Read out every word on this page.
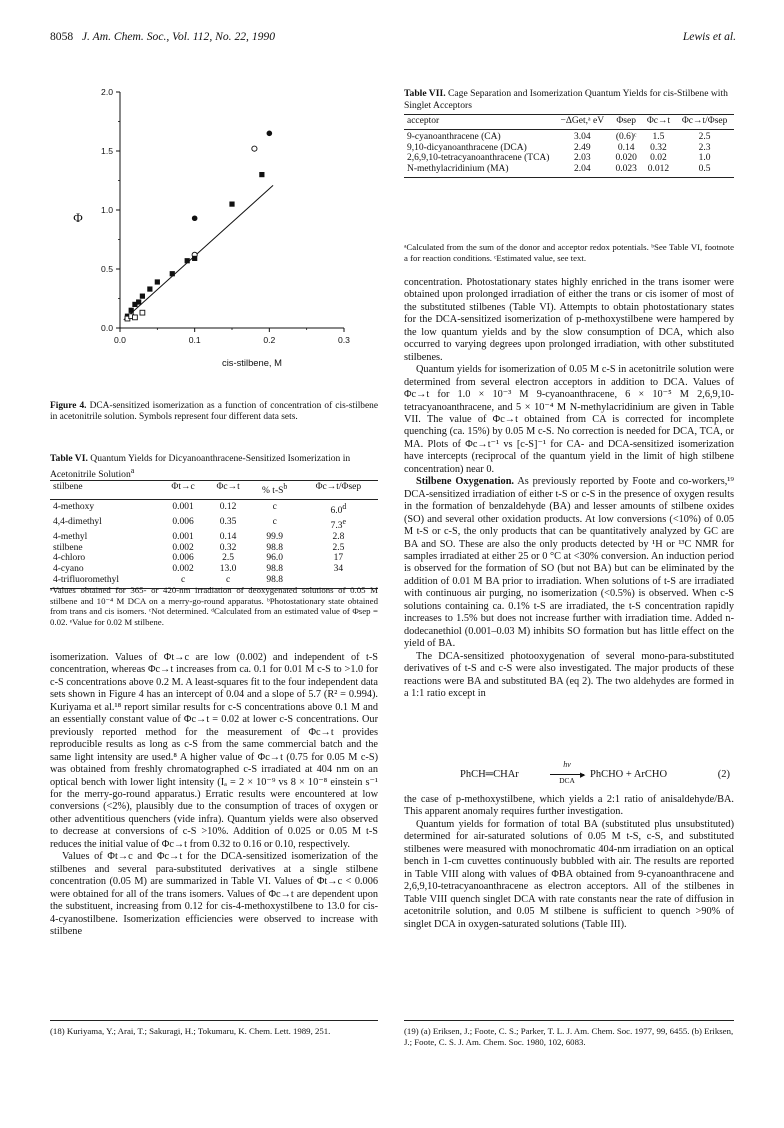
8058 J. Am. Chem. Soc., Vol. 112, No. 22, 1990	Lewis et al.
0.0
0.5
1.0
1.5
2.0
0.0	0.1	0.2	0.3
Φ
cis-stilbene, M
Figure 4. DCA-sensitized isomerization as a function of concentration of cis-stilbene in acetonitrile solution. Symbols represent four different data sets.
Table VI. Quantum Yields for Dicyanoanthracene-Sensitized Isomerization in Acetonitrile Solution$^a$
stilbene	Φt→c	Φc→t	% $t-S^b$	Φc→t/Φsep
4-methoxy	0.001	0.12	c	6.0$^d$
4,4-dimethyl	0.006	0.35	c	7.3e
4-methyl	0.001	0.14	99.9	2.8
stilbene	0.002	0.32	98.8	2.5
4-chloro	0.006	2.5	96.0	17
4-cyano	0.002	13.0	98.8	34
4-trifluoromethyl	c	c	98.8	
ᵃValues obtained for 365- or 420-nm irradiation of deoxygenated solutions of 0.05 M stilbene and 10⁻⁴ M DCA on a merry-go-round apparatus. ᵇPhotostationary state obtained from trans and cis isomers. ᶜNot determined. ᵈCalculated from an estimated value of Φsep = 0.02. ᵉValue for 0.02 M stilbene.

isomerization. Values of Φt→c are low (0.002) and independent of t-S concentration, whereas Φc→t increases from ca. 0.1 for 0.01 M c-S to >1.0 for c-S concentrations above 0.2 M. A least-squares fit to the four independent data sets shown in Figure 4 has an intercept of 0.04 and a slope of 5.7 (R² = 0.994). Kuriyama et al.¹⁸ report similar results for c-S concentrations above 0.1 M and an essentially constant value of Φc→t = 0.02 at lower c-S concentrations. Our previously reported method for the measurement of Φc→t provides reproducible results as long as c-S from the same commercial batch and the same light intensity are used.⁸ A higher value of Φc→t (0.75 for 0.05 M c-S) was obtained from freshly chromatographed c-S irradiated at 404 nm on an optical bench with lower light intensity (Iₐ = 2 × 10⁻⁹ vs 8 × 10⁻⁸ einstein s⁻¹ for the merry-go-round apparatus.) Erratic results were encountered at low conversions (<2%), plausibly due to the consumption of traces of oxygen or other adventitious quenchers (vide infra). Quantum yields were also observed to decrease at conversions of c-S >10%. Addition of 0.025 or 0.05 M t-S reduces the initial value of Φc→t from 0.32 to 0.16 or 0.10, respectively.

Values of Φt→c and Φc→t for the DCA-sensitized isomerization of the stilbenes and several para-substituted derivatives at a single stilbene concentration (0.05 M) are summarized in Table VI. Values of Φt→c < 0.006 were obtained for all of the trans isomers. Values of Φc→t are dependent upon the substituent, increasing from 0.12 for cis-4-methoxystilbene to 13.0 for cis-4-cyanostilbene. Isomerization efficiencies were observed to increase with stilbene

Table VII. Cage Separation and Isomerization Quantum Yields for cis-Stilbene with Singlet Acceptors
acceptor	−ΔGet,ᵃ eV	Φsep	Φc→t	Φc→t/Φsep
9-cyanoanthracene (CA)	3.04	(0.6)ᶜ	1.5	2.5
9,10-dicyanoanthracene (DCA)	2.49	0.14	0.32	2.3
2,6,9,10-tetracyanoanthracene (TCA)	2.03	0.020	0.02	1.0
N-methylacridinium (MA)	2.04	0.023	0.012	0.5
ᵃCalculated from the sum of the donor and acceptor redox potentials. ᵇSee Table VI, footnote a for reaction conditions. ᶜEstimated value, see text.

concentration. Photostationary states highly enriched in the trans isomer were obtained upon prolonged irradiation of either the trans or cis isomer of most of the substituted stilbenes (Table VI). Attempts to obtain photostationary states for the DCA-sensitized isomerization of p-methoxystilbene were hampered by the low quantum yields and by the slow consumption of DCA, which also occurred to varying degrees upon prolonged irradiation, with other substituted stilbenes.

Quantum yields for isomerization of 0.05 M c-S in acetonitrile solution were determined from several electron acceptors in addition to DCA. Values of Φc→t for 1.0 × 10⁻³ M 9-cyanoanthracene, 6 × 10⁻⁵ M 2,6,9,10-tetracyanoanthracene, and 5 × 10⁻⁴ M N-methylacridinium are given in Table VII. The value of Φc→t obtained from CA is corrected for incomplete quenching (ca. 15%) by 0.05 M c-S. No correction is needed for DCA, TCA, or MA. Plots of Φc→t⁻¹ vs [c-S]⁻¹ for CA- and DCA-sensitized isomerization have intercepts (reciprocal of the quantum yield in the limit of high stilbene concentration) near 0.

Stilbene Oxygenation. As previously reported by Foote and co-workers,¹⁹ DCA-sensitized irradiation of either t-S or c-S in the presence of oxygen results in the formation of benzaldehyde (BA) and lesser amounts of stilbene oxides (SO) and several other oxidation products. At low conversions (<10%) of 0.05 M t-S or c-S, the only products that can be quantitatively analyzed by GC are BA and SO. These are also the only products detected by ¹H or ¹³C NMR for samples irradiated at either 25 or 0 °C at <30% conversion. An induction period is observed for the formation of SO (but not BA) but can be eliminated by the addition of 0.01 M BA prior to irradiation. When solutions of t-S are irradiated with continuous air purging, no isomerization (<0.5%) is observed. When c-S solutions containing ca. 0.1% t-S are irradiated, the t-S concentration rapidly increases to 1.5% but does not increase further with irradiation time. Added n-dodecanethiol (0.001–0.03 M) inhibits SO formation but has little effect on the yield of BA.

The DCA-sensitized photooxygenation of several mono-para-substituted derivatives of t-S and c-S were also investigated. The major products of these reactions were BA and substituted BA (eq 2). The two aldehydes are formed in a 1:1 ratio except in

PhCH═CHAr
hν
▶
DCA
PhCHO + ArCHO	(2)

the case of p-methoxystilbene, which yields a 2:1 ratio of anisaldehyde/BA. This apparent anomaly requires further investigation.

Quantum yields for formation of total BA (substituted plus unsubstituted) determined for air-saturated solutions of 0.05 M t-S, c-S, and substituted stilbenes were measured with monochromatic 404-nm irradiation on an optical bench in 1-cm cuvettes continuously bubbled with air. The results are reported in Table VIII along with values of ΦBA obtained from 9-cyanoanthracene and 2,6,9,10-tetracyanoanthracene as electron acceptors. All of the stilbenes in Table VIII quench singlet DCA with rate constants near the rate of diffusion in acetonitrile solution, and 0.05 M stilbene is sufficient to quench >90% of singlet DCA in oxygen-saturated solutions (Table III).

(18) Kuriyama, Y.; Arai, T.; Sakuragi, H.; Tokumaru, K. Chem. Lett. 1989, 251.	(19) (a) Eriksen, J.; Foote, C. S.; Parker, T. L. J. Am. Chem. Soc. 1977, 99, 6455. (b) Eriksen, J.; Foote, C. S. J. Am. Chem. Soc. 1980, 102, 6083.
